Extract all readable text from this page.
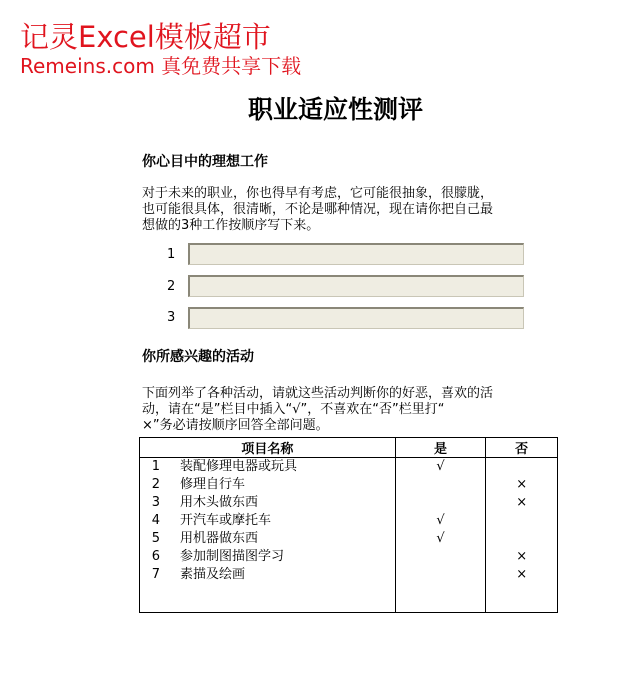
记灵Excel模板超市
Remeins.com 真免费共享下载
职业适应性测评
你心目中的理想工作
对于未来的职业，你也得早有考虑，它可能很抽象，很朦胧，
也可能很具体，很清晰，不论是哪种情况，现在请你把自己最
想做的3种工作按顺序写下来。
1
2
3
你所感兴趣的活动
下面列举了各种活动，请就这些活动判断你的好恶，喜欢的活
动，请在“是”栏目中插入“√”，不喜欢在“否”栏里打“
×”务必请按顺序回答全部问题。
项目名称	是	否
1 装配修理电器或玩具	√	
2 修理自行车		×
3 用木头做东西		×
4 开汽车或摩托车	√	
5 用机器做东西	√	
6 参加制图描图学习		×
7 素描及绘画		×
